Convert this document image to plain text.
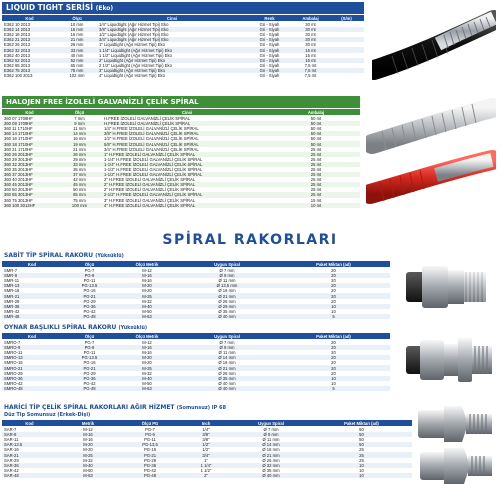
LIQUID TIGHT SERİSİ (Eko)
Kod	Ölçü	Cinsi	Renk	Ambalaj	(S/m)
E362 10 2013	10 mm	1/4" Liquidtight (Ağır Hizmet Tipi) Eko	Gri - Siyah	30 mt
E362 14 2013	15 mm	3/8" Liquidtight (Ağır Hizmet Tipi) Eko	Gri - Siyah	30 mt
E362 16 2013	16 mm	1/2" Liquidtight (Ağır Hizmet Tipi) Eko	Gri - Siyah	30 mt
E362 21 2013	21 mm	3/4" Liquidtight (Ağır Hizmet Tipi) Eko	Gri - Siyah	30 mt
E362 26 2013	26 mm	1" Liquidtight (Ağır Hizmet Tipi) Eko	Gri - Siyah	30 mt
E362 32 2013	33 mm	1 1/4" Liquidtight (Ağır Hizmet Tipi) Eko	Gri - Siyah	15 mt
E362 40 2013	40 mm	1 1/2" Liquidtight (Ağır Hizmet Tipi) Eko	Gri - Siyah	15 mt
E362 52 2013	52 mm	2" Liquidtight (Ağır Hizmet Tipi) Eko	Gri - Siyah	15 mt
E362 65 2013	65 mm	2 1/2" Liquidtight (Ağır Hizmet Tipi) Eko	Gri - Siyah	7,5 mt
E362 75 2013	78 mm	3" Liquidtight (Ağır Hizmet Tipi) Eko	Gri - Siyah	7,5 mt
E362 100 2013	102 mm	4" Liquidtight (Ağır Hizmet Tipi) Eko	Gri - Siyah	7,5 mt
HALOJEN FREE İZOLELİ GALVANİZLİ ÇELİK SPİRAL
Kod	Ölçü	Cinsi	Ambalaj
360 07 1708HF	7 mm	H.FREE İZOLELİ GALVANİZLİ ÇELİK SPİRAL	50 mt
360 09 1709HF	9 mm	H.FREE İZOLELİ GALVANİZLİ ÇELİK SPİRAL	50 mt
360 11 1710HF	11 mm	1/4" H.FREE İZOLELİ GALVANİZLİ ÇELİK SPİRAL	50 mt
360 14 1710HF	14 mm	3/8" H.FREE İZOLELİ GALVANİZLİ ÇELİK SPİRAL	50 mt
360 16 1710HF	16 mm	1/2" H.FREE İZOLELİ GALVANİZLİ ÇELİK SPİRAL	50 mt
360 18 1710HF	19 mm	5/8" H.FREE İZOLELİ GALVANİZLİ ÇELİK SPİRAL	50 mt
360 21 1710HF	21 mm	3/4" H.FREE İZOLELİ GALVANİZLİ ÇELİK SPİRAL	25 mt
360 26 2013HF	26 mm	1" H.FREE İZOLELİ GALVANİZLİ ÇELİK SPİRAL	25 mt
360 29 2013HF	29 mm	1-1/4" H.FREE İZOLELİ GALVANİZLİ ÇELİK SPİRAL	25 mt
360 32 2013HF	33 mm	1-1/4" H.FREE İZOLELİ GALVANİZLİ ÇELİK SPİRAL	25 mt
360 35 2013HF	35 mm	1-1/2" H.FREE İZOLELİ GALVANİZLİ ÇELİK SPİRAL	25 mt
360 37 2013HF	37 mm	1-1/2" H.FREE İZOLELİ GALVANİZLİ ÇELİK SPİRAL	25 mt
360 40 2013HF	42 mm	2" H.FREE İZOLELİ GALVANİZLİ ÇELİK SPİRAL	25 mt
360 45 2013HF	45 mm	2" H.FREE İZOLELİ GALVANİZLİ ÇELİK SPİRAL	25 mt
360 50 2013HF	50 mm	2" H.FREE İZOLELİ GALVANİZLİ ÇELİK SPİRAL	25 mt
360 65 3013HF	65 mm	2-1/2" H.FREE İZOLELİ GALVANİZLİ ÇELİK SPİRAL	25 mt
360 75 3013HF	75 mm	3" H.FREE İZOLELİ GALVANİZLİ ÇELİK SPİRAL	15 mt
360 100 3013HF	100 mm	4" H.FREE İZOLELİ GALVANİZLİ ÇELİK SPİRAL	10 mt
SPİRAL RAKORLARI
SABİT TİP SPİRAL RAKORU (Yüksüklü)
Kod	Ölçü	Ölçü Metrik	Uygun Spiral	Paket Miktarı (ad)
SMR-7	PG-7	M-12	Ø 7 mm	20
SMR-9	PG-9	M-16	Ø 9 mm	20
SMR-11	PG-11	M-16	Ø 11 mm	20
SMR-13	PG-13.5	M-20	Ø 13,5 mm	20
SMR-16	PG-16	M-20	Ø 16 mm	20
SMR-21	PG-21	M-25	Ø 21 mm	20
SMR-29	PG-29	M-32	Ø 26 mm	20
SMR-36	PG-36	M-40	Ø 29 mm	10
SMR-42	PG-42	M-50	Ø 35 mm	10
SMR-48	PG-48	M-63	Ø 40 mm	5
OYNAR BAŞLIKLI SPİRAL RAKORU (Yüksüklü)
Kod	Ölçü	Ölçü Metrik	Uygun Spiral	Paket Miktarı (ad)
SMRO-7	PG-7	M-12	Ø 7 mm	20
SMRO-9	PG-9	M-16	Ø 9 mm	20
SMRO-11	PG-11	M-16	Ø 11 mm	20
SMRO-13	PG-13.5	M-20	Ø 14 mm	20
SMRO-16	PG-16	M-20	Ø 16 mm	20
SMRO-21	PG-21	M-25	Ø 21 mm	20
SMRO-29	PG-29	M-32	Ø 26 mm	20
SMRO-36	PG-36	M-40	Ø 35 mm	10
SMRO-42	PG-42	M-50	Ø 40 mm	10
SMRO-48	PG-48	M-63	Ø 40 mm	5
HARİCİ TİP ÇELİK SPİRAL RAKORLARI AĞIR HİZMET (Somunsuz) IP 68
Düz Tip Somunsuz (Erkek-Dişi)
Kod	Metrik	Ölçü PG	Inch	Uygun Spiral	Paket Miktarı (ad)
SAR-7	M-12	PG-7	1/4"	Ø 7 mm	50
SAR-9	M-16	PG-9	3/8"	Ø 9 mm	50
SAR-11	M-16	PG-11	3/8"	Ø 11 mm	50
SAR-13.5	M-20	PG-13,5	1/2"	Ø 14 mm	50
SAR-16	M-20	PG-16	1/2"	Ø 16 mm	25
SAR-21	M-25	PG-21	3/4"	Ø 21 mm	25
SAR-29	M-32	PG-29	1"	Ø 26 mm	25
SAR-36	M-40	PG-36	1 1/4"	Ø 32 mm	10
SAR-42	M-50	PG-42	1 1/2"	Ø 35 mm	10
SAR-48	M-63	PG-48	2"	Ø 40 mm	10
